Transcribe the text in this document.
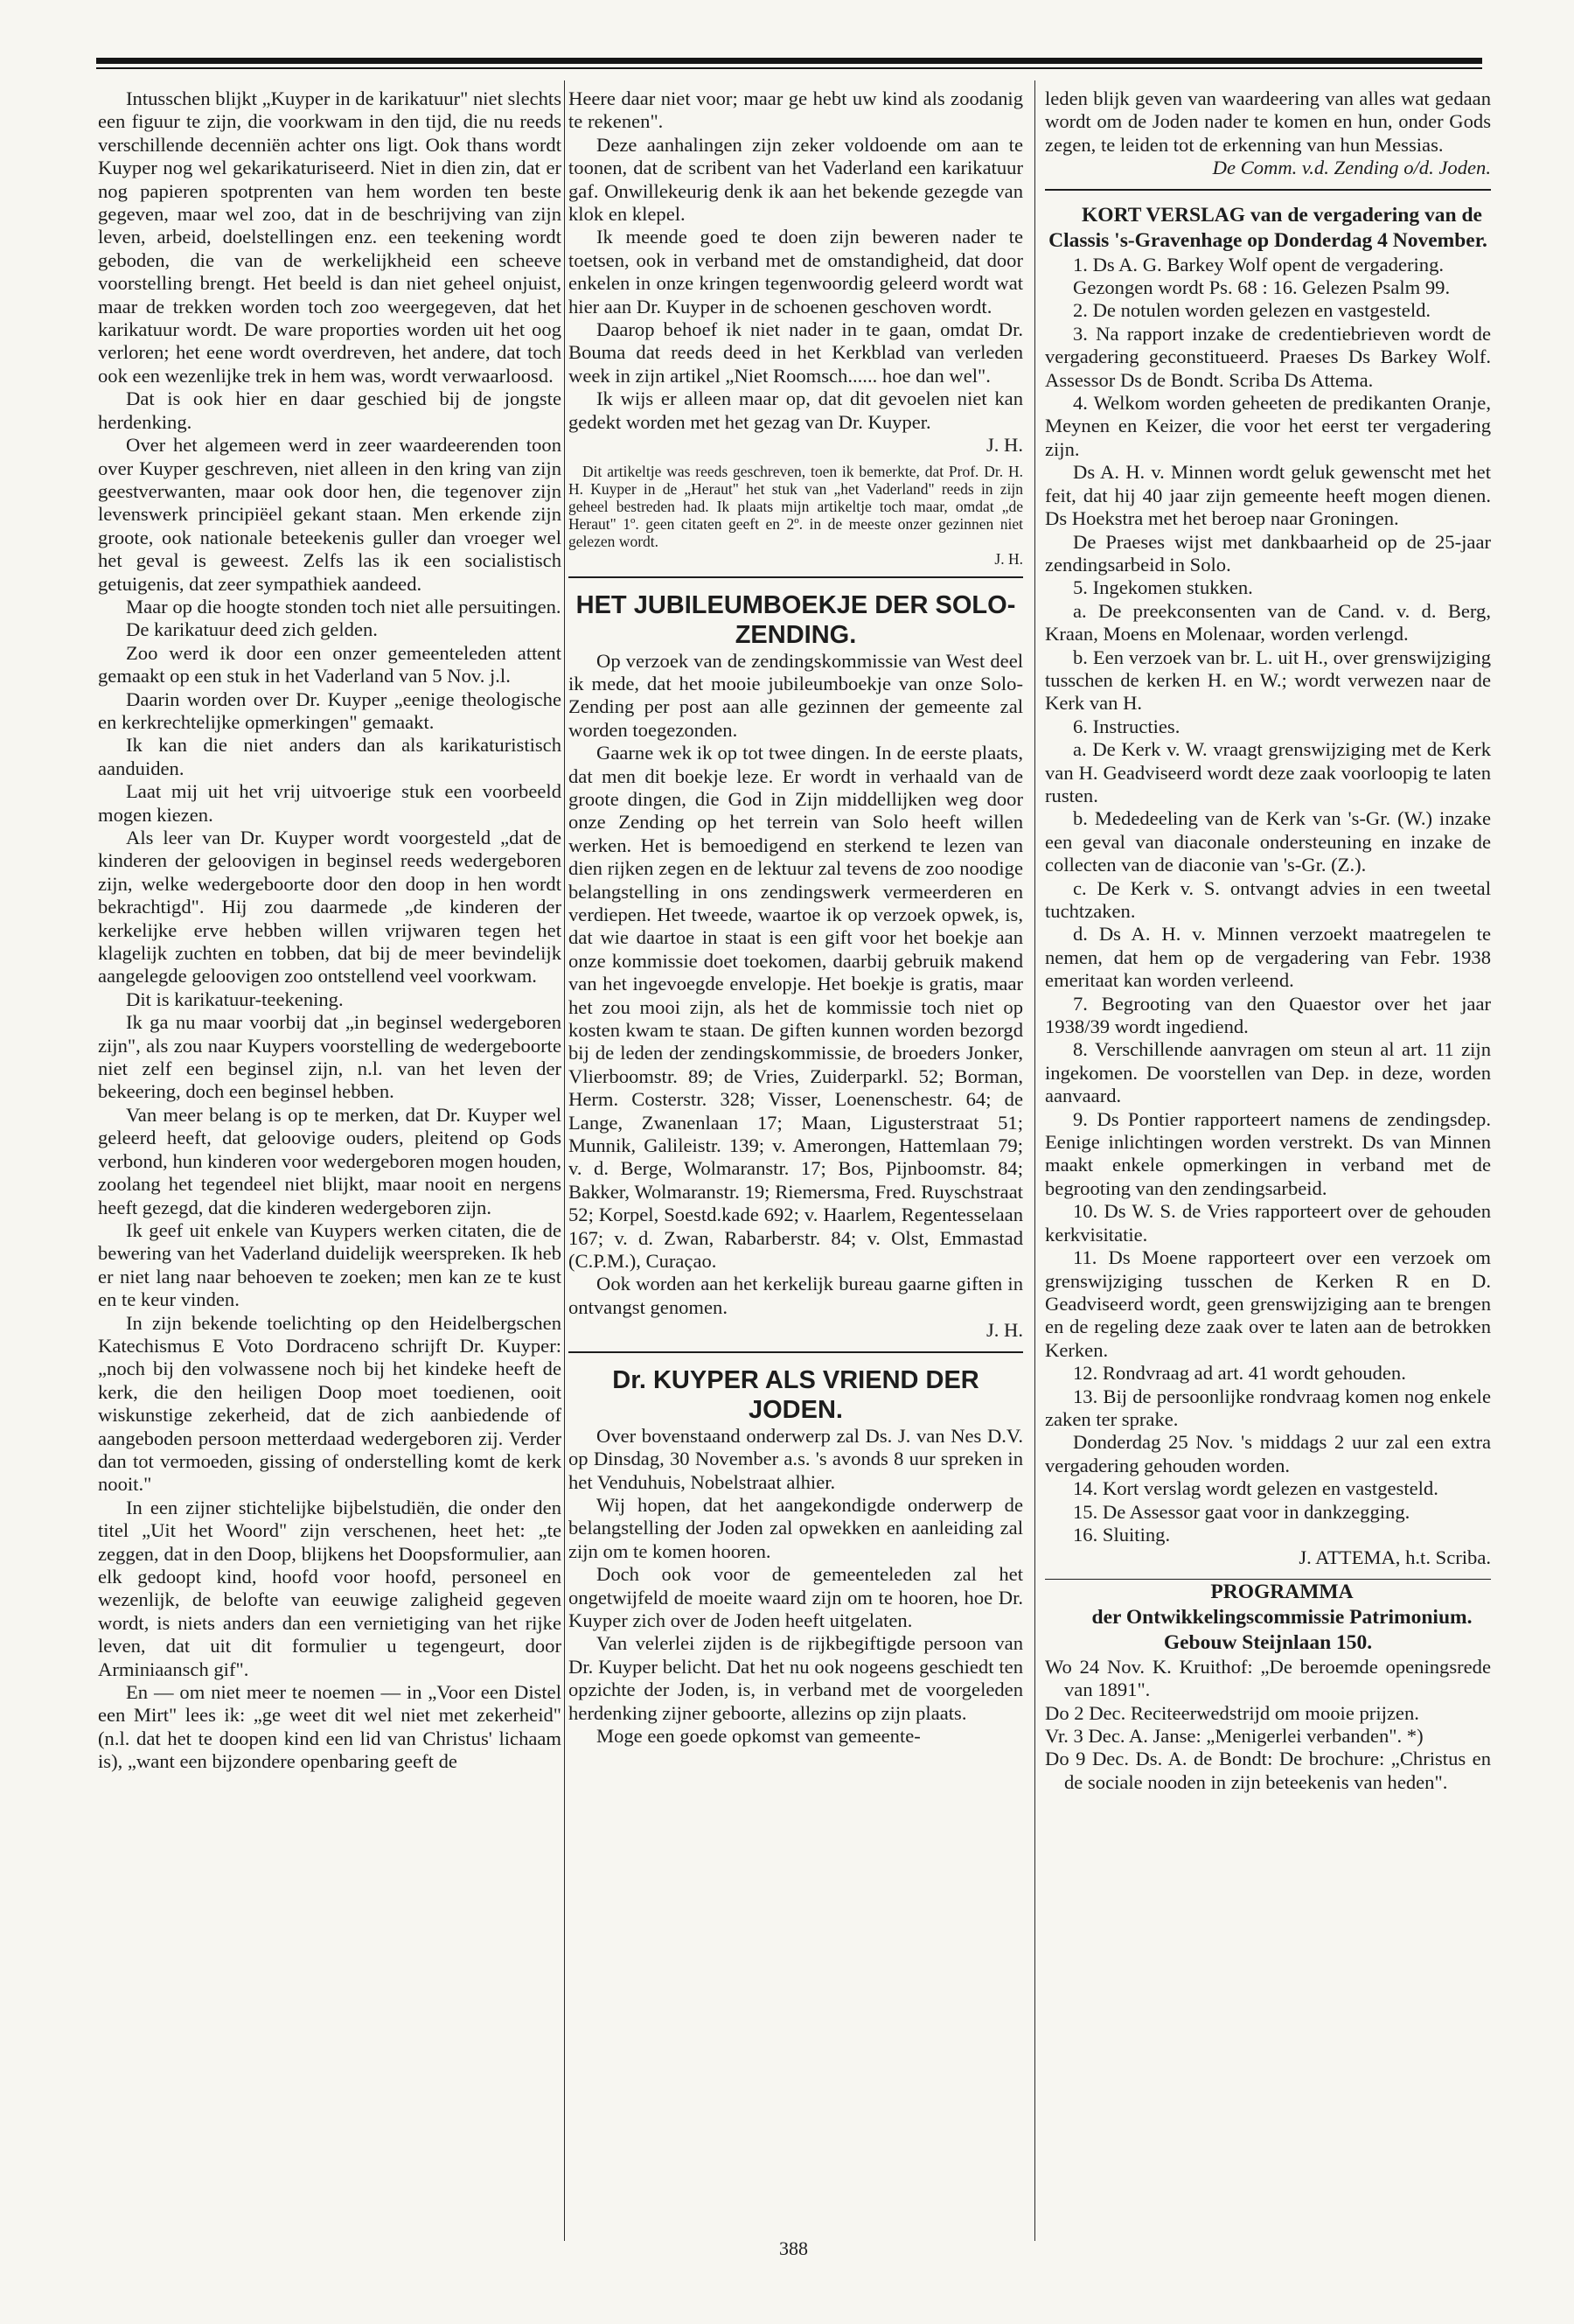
Intusschen blijkt „Kuyper in de karikatuur" niet slechts een figuur te zijn, die voorkwam in den tijd, die nu reeds verschillende decenniën achter ons ligt. Ook thans wordt Kuyper nog wel gekarikaturiseerd. Niet in dien zin, dat er nog papieren spotprenten van hem worden ten beste gegeven, maar wel zoo, dat in de beschrijving van zijn leven, arbeid, doelstellingen enz. een teekening wordt geboden, die van de werkelijkheid een scheeve voorstelling brengt. Het beeld is dan niet geheel onjuist, maar de trekken worden toch zoo weergegeven, dat het karikatuur wordt. De ware proporties worden uit het oog verloren; het eene wordt overdreven, het andere, dat toch ook een wezenlijke trek in hem was, wordt verwaarloosd.

Dat is ook hier en daar geschied bij de jongste herdenking.

Over het algemeen werd in zeer waardeerenden toon over Kuyper geschreven, niet alleen in den kring van zijn geestverwanten, maar ook door hen, die tegenover zijn levenswerk principiëel gekant staan. Men erkende zijn groote, ook nationale beteekenis guller dan vroeger wel het geval is geweest. Zelfs las ik een socialistisch getuigenis, dat zeer sympathiek aandeed.

Maar op die hoogte stonden toch niet alle persuitingen.

De karikatuur deed zich gelden.

Zoo werd ik door een onzer gemeenteleden attent gemaakt op een stuk in het Vaderland van 5 Nov. j.l.

Daarin worden over Dr. Kuyper „eenige theologische en kerkrechtelijke opmerkingen" gemaakt.

Ik kan die niet anders dan als karikaturistisch aanduiden.

Laat mij uit het vrij uitvoerige stuk een voorbeeld mogen kiezen.

Als leer van Dr. Kuyper wordt voorgesteld „dat de kinderen der geloovigen in beginsel reeds wedergeboren zijn, welke wedergeboorte door den doop in hen wordt bekrachtigd". Hij zou daarmede „de kinderen der kerkelijke erve hebben willen vrijwaren tegen het klagelijk zuchten en tobben, dat bij de meer bevindelijk aangelegde geloovigen zoo ontstellend veel voorkwam.

Dit is karikatuur-teekening.

Ik ga nu maar voorbij dat „in beginsel wedergeboren zijn", als zou naar Kuypers voorstelling de wedergeboorte niet zelf een beginsel zijn, n.l. van het leven der bekeering, doch een beginsel hebben.

Van meer belang is op te merken, dat Dr. Kuyper wel geleerd heeft, dat geloovige ouders, pleitend op Gods verbond, hun kinderen voor wedergeboren mogen houden, zoolang het tegendeel niet blijkt, maar nooit en nergens heeft gezegd, dat die kinderen wedergeboren zijn.

Ik geef uit enkele van Kuypers werken citaten, die de bewering van het Vaderland duidelijk weerspreken. Ik heb er niet lang naar behoeven te zoeken; men kan ze te kust en te keur vinden.

In zijn bekende toelichting op den Heidelbergschen Katechismus E Voto Dordraceno schrijft Dr. Kuyper: „noch bij den volwassene noch bij het kindeke heeft de kerk, die den heiligen Doop moet toedienen, ooit wiskunstige zekerheid, dat de zich aanbiedende of aangeboden persoon metterdaad wedergeboren zij. Verder dan tot vermoeden, gissing of onderstelling komt de kerk nooit."

In een zijner stichtelijke bijbelstudiën, die onder den titel „Uit het Woord" zijn verschenen, heet het: „te zeggen, dat in den Doop, blijkens het Doopsformulier, aan elk gedoopt kind, hoofd voor hoofd, personeel en wezenlijk, de belofte van eeuwige zaligheid gegeven wordt, is niets anders dan een vernietiging van het rijke leven, dat uit dit formulier u tegengeurt, door Arminiaansch gif".

En — om niet meer te noemen — in „Voor een Distel een Mirt" lees ik: „ge weet dit wel niet met zekerheid" (n.l. dat het te doopen kind een lid van Christus' lichaam is), „want een bijzondere openbaring geeft de

Heere daar niet voor; maar ge hebt uw kind als zoodanig te rekenen".

Deze aanhalingen zijn zeker voldoende om aan te toonen, dat de scribent van het Vaderland een karikatuur gaf. Onwillekeurig denk ik aan het bekende gezegde van klok en klepel.

Ik meende goed te doen zijn beweren nader te toetsen, ook in verband met de omstandigheid, dat door enkelen in onze kringen tegenwoordig geleerd wordt wat hier aan Dr. Kuyper in de schoenen geschoven wordt.

Daarop behoef ik niet nader in te gaan, omdat Dr. Bouma dat reeds deed in het Kerkblad van verleden week in zijn artikel „Niet Roomsch...... hoe dan wel".

Ik wijs er alleen maar op, dat dit gevoelen niet kan gedekt worden met het gezag van Dr. Kuyper.

J. H.

Dit artikeltje was reeds geschreven, toen ik bemerkte, dat Prof. Dr. H. H. Kuyper in de „Heraut" het stuk van „het Vaderland" reeds in zijn geheel bestreden had. Ik plaats mijn artikeltje toch maar, omdat „de Heraut" 1º. geen citaten geeft en 2º. in de meeste onzer gezinnen niet gelezen wordt.

J. H.

HET JUBILEUMBOEKJE DER SOLO-ZENDING.

Op verzoek van de zendingskommissie van West deel ik mede, dat het mooie jubileumboekje van onze Solo-Zending per post aan alle gezinnen der gemeente zal worden toegezonden.

Gaarne wek ik op tot twee dingen. In de eerste plaats, dat men dit boekje leze. Er wordt in verhaald van de groote dingen, die God in Zijn middellijken weg door onze Zending op het terrein van Solo heeft willen werken. Het is bemoedigend en sterkend te lezen van dien rijken zegen en de lektuur zal tevens de zoo noodige belangstelling in ons zendingswerk vermeerderen en verdiepen. Het tweede, waartoe ik op verzoek opwek, is, dat wie daartoe in staat is een gift voor het boekje aan onze kommissie doet toekomen, daarbij gebruik makend van het ingevoegde envelopje. Het boekje is gratis, maar het zou mooi zijn, als het de kommissie toch niet op kosten kwam te staan. De giften kunnen worden bezorgd bij de leden der zendingskommissie, de broeders Jonker, Vlierboomstr. 89; de Vries, Zuiderparkl. 52; Borman, Herm. Costerstr. 328; Visser, Loenenschestr. 64; de Lange, Zwanenlaan 17; Maan, Ligusterstraat 51; Munnik, Galileistr. 139; v. Amerongen, Hattemlaan 79; v. d. Berge, Wolmaranstr. 17; Bos, Pijnboomstr. 84; Bakker, Wolmaranstr. 19; Riemersma, Fred. Ruyschstraat 52; Korpel, Soestd.kade 692; v. Haarlem, Regentesselaan 167; v. d. Zwan, Rabarberstr. 84; v. Olst, Emmastad (C.P.M.), Curaçao.

Ook worden aan het kerkelijk bureau gaarne giften in ontvangst genomen.

J. H.

Dr. KUYPER ALS VRIEND DER JODEN.

Over bovenstaand onderwerp zal Ds. J. van Nes D.V. op Dinsdag, 30 November a.s. 's avonds 8 uur spreken in het Venduhuis, Nobelstraat alhier.

Wij hopen, dat het aangekondigde onderwerp de belangstelling der Joden zal opwekken en aanleiding zal zijn om te komen hooren.

Doch ook voor de gemeenteleden zal het ongetwijfeld de moeite waard zijn om te hooren, hoe Dr. Kuyper zich over de Joden heeft uitgelaten.

Van velerlei zijden is de rijkbegiftigde persoon van Dr. Kuyper belicht. Dat het nu ook nogeens geschiedt ten opzichte der Joden, is, in verband met de voorgeleden herdenking zijner geboorte, allezins op zijn plaats.

Moge een goede opkomst van gemeente-

leden blijk geven van waardeering van alles wat gedaan wordt om de Joden nader te komen en hun, onder Gods zegen, te leiden tot de erkenning van hun Messias.

De Comm. v.d. Zending o/d. Joden.

KORT VERSLAG van de vergadering van de Classis 's-Gravenhage op Donderdag 4 November.

1. Ds A. G. Barkey Wolf opent de vergadering.

Gezongen wordt Ps. 68 : 16. Gelezen Psalm 99.

2. De notulen worden gelezen en vastgesteld.

3. Na rapport inzake de credentiebrieven wordt de vergadering geconstitueerd. Praeses Ds Barkey Wolf. Assessor Ds de Bondt. Scriba Ds Attema.

4. Welkom worden geheeten de predikanten Oranje, Meynen en Keizer, die voor het eerst ter vergadering zijn.

Ds A. H. v. Minnen wordt geluk gewenscht met het feit, dat hij 40 jaar zijn gemeente heeft mogen dienen. Ds Hoekstra met het beroep naar Groningen.

De Praeses wijst met dankbaarheid op de 25-jaar zendingsarbeid in Solo.

5. Ingekomen stukken.

a. De preekconsenten van de Cand. v. d. Berg, Kraan, Moens en Molenaar, worden verlengd.

b. Een verzoek van br. L. uit H., over grenswijziging tusschen de kerken H. en W.; wordt verwezen naar de Kerk van H.

6. Instructies.

a. De Kerk v. W. vraagt grenswijziging met de Kerk van H. Geadviseerd wordt deze zaak voorloopig te laten rusten.

b. Mededeeling van de Kerk van 's-Gr. (W.) inzake een geval van diaconale ondersteuning en inzake de collecten van de diaconie van 's-Gr. (Z.).

c. De Kerk v. S. ontvangt advies in een tweetal tuchtzaken.

d. Ds A. H. v. Minnen verzoekt maatregelen te nemen, dat hem op de vergadering van Febr. 1938 emeritaat kan worden verleend.

7. Begrooting van den Quaestor over het jaar 1938/39 wordt ingediend.

8. Verschillende aanvragen om steun al art. 11 zijn ingekomen. De voorstellen van Dep. in deze, worden aanvaard.

9. Ds Pontier rapporteert namens de zendingsdep. Eenige inlichtingen worden verstrekt. Ds van Minnen maakt enkele opmerkingen in verband met de begrooting van den zendingsarbeid.

10. Ds W. S. de Vries rapporteert over de gehouden kerkvisitatie.

11. Ds Moene rapporteert over een verzoek om grenswijziging tusschen de Kerken R en D. Geadviseerd wordt, geen grenswijziging aan te brengen en de regeling deze zaak over te laten aan de betrokken Kerken.

12. Rondvraag ad art. 41 wordt gehouden.

13. Bij de persoonlijke rondvraag komen nog enkele zaken ter sprake.

Donderdag 25 Nov. 's middags 2 uur zal een extra vergadering gehouden worden.

14. Kort verslag wordt gelezen en vastgesteld.

15. De Assessor gaat voor in dankzegging.

16. Sluiting.

J. ATTEMA, h.t. Scriba.

PROGRAMMA

der Ontwikkelingscommissie Patrimonium. Gebouw Steijnlaan 150.

Wo 24 Nov. K. Kruithof: „De beroemde openingsrede van 1891".

Do 2 Dec. Reciteerwedstrijd om mooie prijzen.

Vr. 3 Dec. A. Janse: „Menigerlei verbanden". *)

Do 9 Dec. Ds. A. de Bondt: De brochure: „Christus en de sociale nooden in zijn beteekenis van heden".

388
